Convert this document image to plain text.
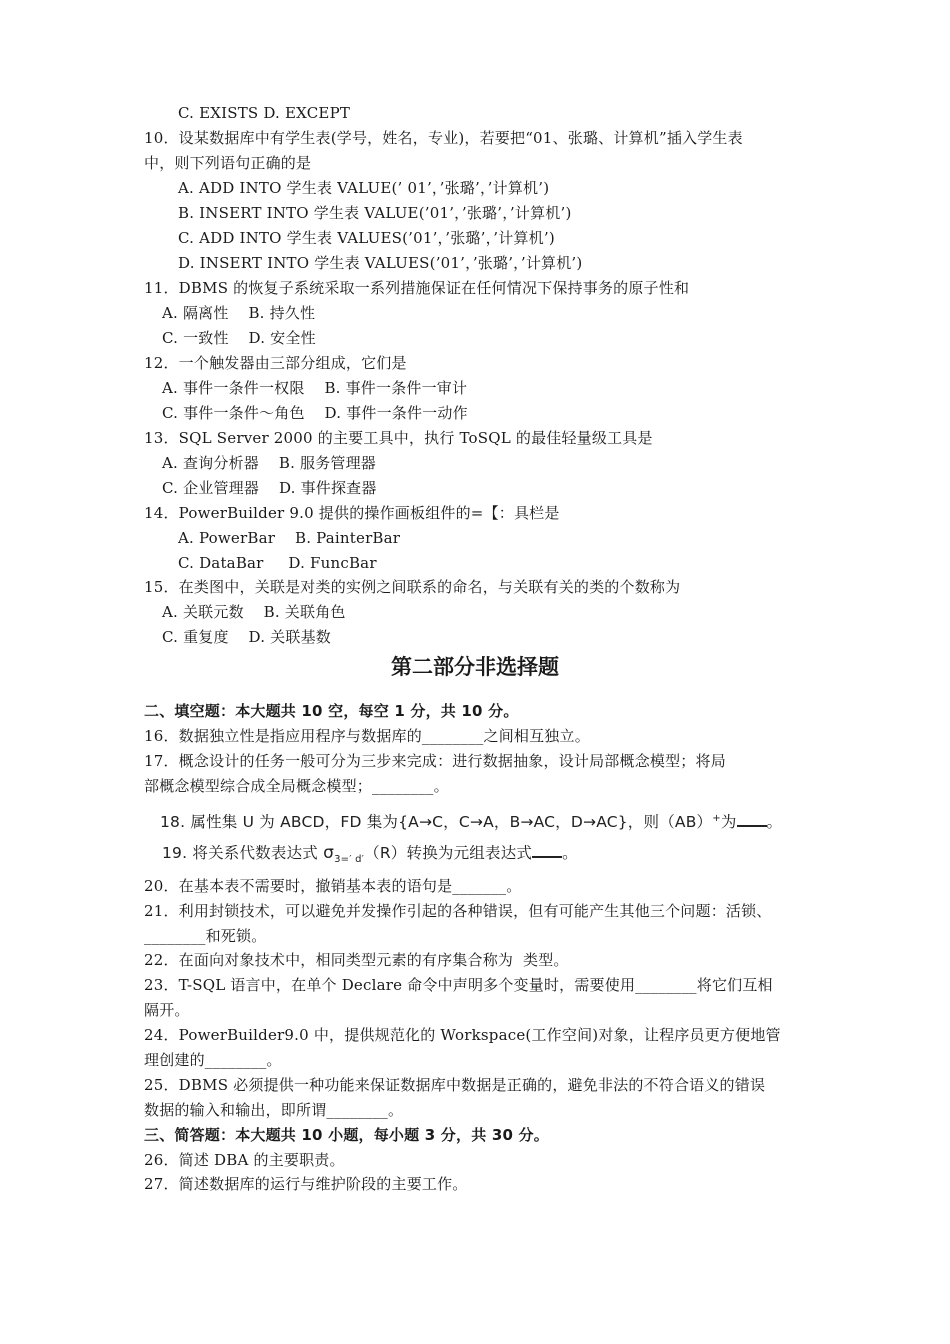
C. EXISTS D. EXCEPT
10．设某数据库中有学生表(学号，姓名，专业)，若要把“01、张璐、计算机”插入学生表
中，则下列语句正确的是
A. ADD INTO 学生表 VALUE(’ 01’，’张璐’，’计算机’)
B. INSERT INTO 学生表 VALUE(’01’，’张璐’，’计算机’)
C. ADD INTO 学生表 VALUES(’01’，’张璐’，’计算机’)
D. INSERT INTO 学生表 VALUES(’01’，’张璐’，’计算机’)
11．DBMS 的恢复子系统采取一系列措施保证在任何情况下保持事务的原子性和
A. 隔离性    B. 持久性
C. 一致性    D. 安全性
12．一个触发器由三部分组成，它们是
A. 事件一条件一权限    B. 事件一条件一审计
C. 事件一条件～角色    D. 事件一条件一动作
13．SQL Server 2000 的主要工具中，执行 ToSQL 的最佳轻量级工具是
A. 查询分析器    B. 服务管理器
C. 企业管理器    D. 事件探查器
14．PowerBuilder 9.0 提供的操作画板组件的=【：具栏是
A. PowerBar    B. PainterBar
C. DataBar     D. FuncBar
15．在类图中，关联是对类的实例之间联系的命名，与关联有关的类的个数称为
A. 关联元数    B. 关联角色
C. 重复度    D. 关联基数
第二部分非选择题
二、填空题：本大题共 10 空，每空 1 分，共 10 分。
16．数据独立性是指应用程序与数据库的________之间相互独立。
17．概念设计的任务一般可分为三步来完成：进行数据抽象，设计局部概念模型；将局
部概念模型综合成全局概念模型；________。
18. 属性集 U 为 ABCD，FD 集为{A→C，C→A，B→AC，D→AC}，则（AB）+为 。
19. 将关系代数表达式 $\sigma_{3=' d'}(R)$转换为元组表达式 。
20．在基本表不需要时，撤销基本表的语句是_______。
21．利用封锁技术，可以避免并发操作引起的各种错误，但有可能产生其他三个问题：活锁、
________和死锁。
22．在面向对象技术中，相同类型元素的有序集合称为  类型。
23．T-SQL 语言中，在单个 Declare 命令中声明多个变量时，需要使用________将它们互相
隔开。
24．PowerBuilder9.0 中，提供规范化的 Workspace(工作空间)对象，让程序员更方便地管
理创建的________。
25．DBMS 必须提供一种功能来保证数据库中数据是正确的，避免非法的不符合语义的错误
数据的输入和输出，即所谓________。
三、简答题：本大题共 10 小题，每小题 3 分，共 30 分。
26．简述 DBA 的主要职责。
27．简述数据库的运行与维护阶段的主要工作。
